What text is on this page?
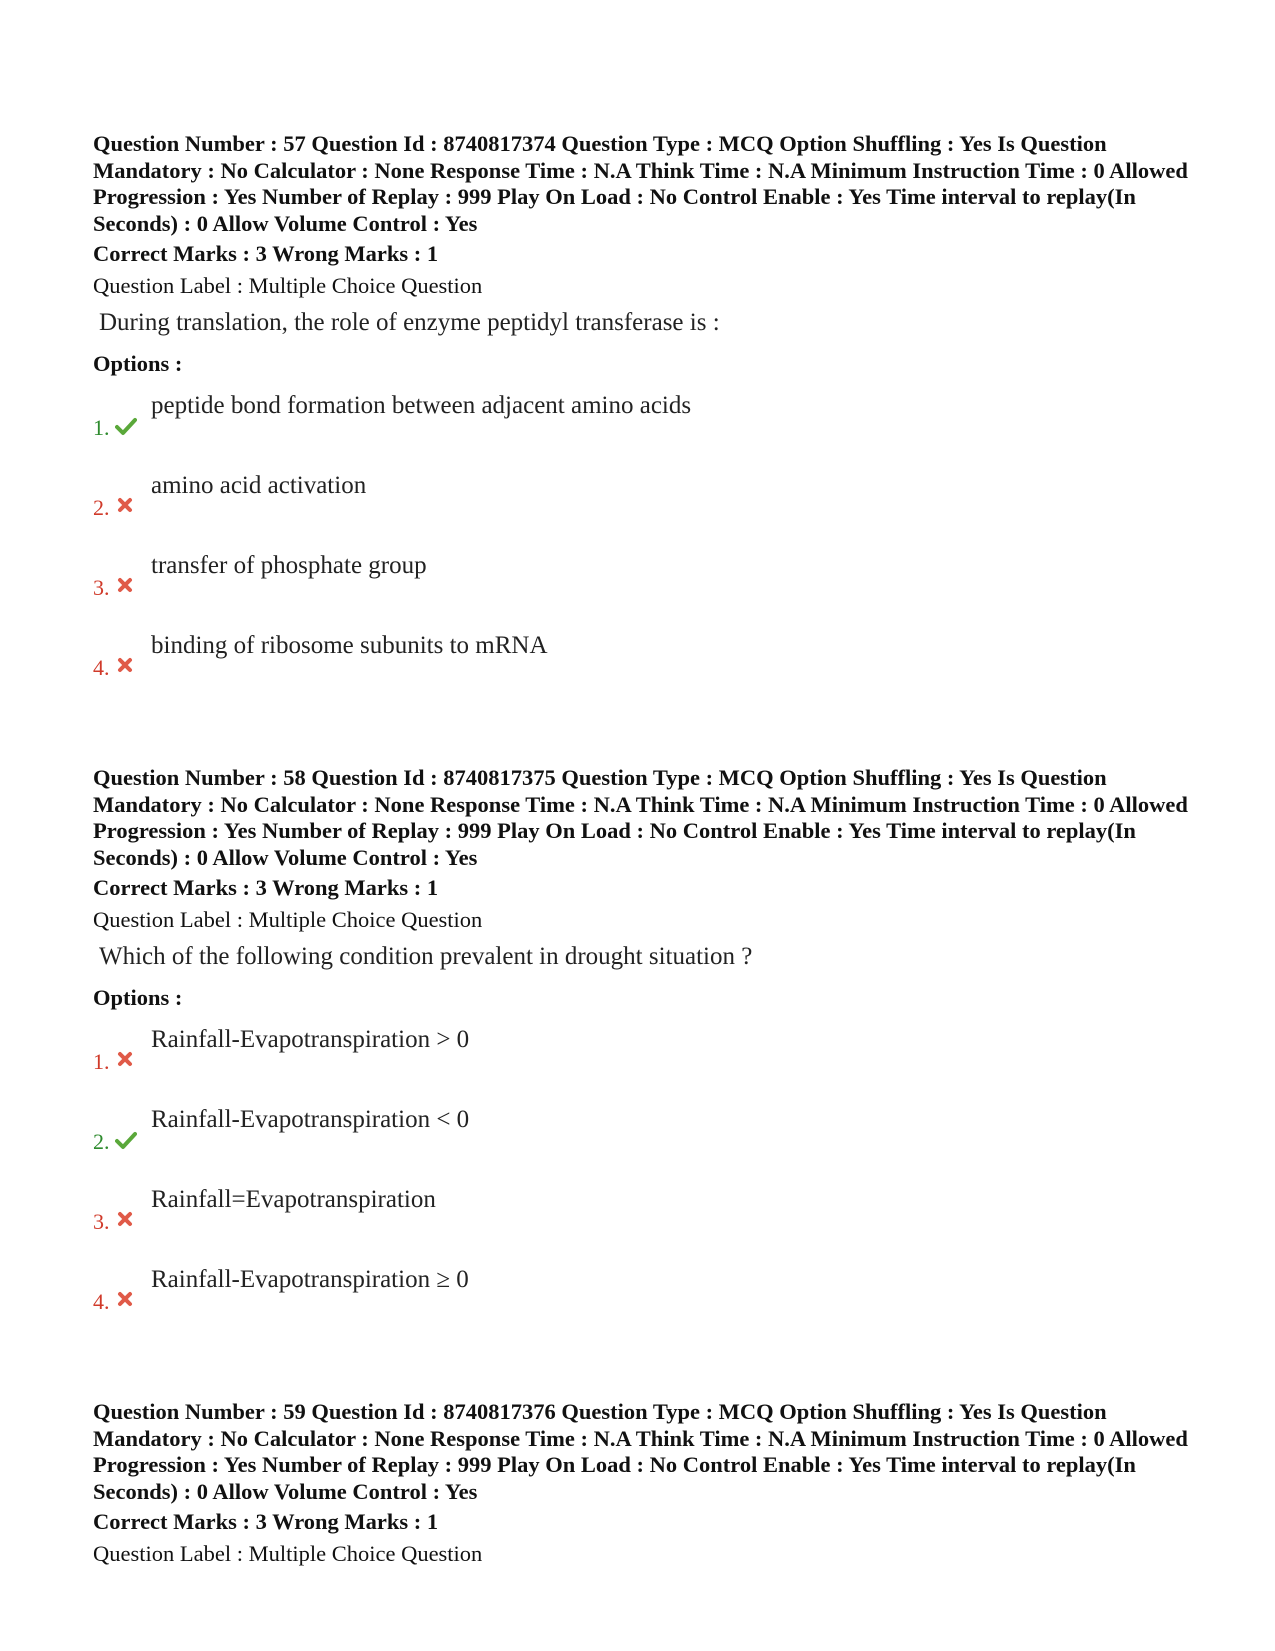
Question Number : 57 Question Id : 8740817374 Question Type : MCQ Option Shuffling : Yes Is Question Mandatory : No Calculator : None Response Time : N.A Think Time : N.A Minimum Instruction Time : 0 Allowed Progression : Yes Number of Replay : 999 Play On Load : No Control Enable : Yes Time interval to replay(In Seconds) : 0 Allow Volume Control : Yes
Correct Marks : 3 Wrong Marks : 1
Question Label : Multiple Choice Question
During translation, the role of enzyme peptidyl transferase is :
Options :
1.
peptide bond formation between adjacent amino acids
2.
amino acid activation
3.
transfer of phosphate group
4.
binding of ribosome subunits to mRNA
Question Number : 58 Question Id : 8740817375 Question Type : MCQ Option Shuffling : Yes Is Question Mandatory : No Calculator : None Response Time : N.A Think Time : N.A Minimum Instruction Time : 0 Allowed Progression : Yes Number of Replay : 999 Play On Load : No Control Enable : Yes Time interval to replay(In Seconds) : 0 Allow Volume Control : Yes
Correct Marks : 3 Wrong Marks : 1
Question Label : Multiple Choice Question
Which of the following condition prevalent in drought situation ?
Options :
1.
Rainfall-Evapotranspiration > 0
2.
Rainfall-Evapotranspiration < 0
3.
Rainfall=Evapotranspiration
4.
Rainfall-Evapotranspiration ≥ 0
Question Number : 59 Question Id : 8740817376 Question Type : MCQ Option Shuffling : Yes Is Question Mandatory : No Calculator : None Response Time : N.A Think Time : N.A Minimum Instruction Time : 0 Allowed Progression : Yes Number of Replay : 999 Play On Load : No Control Enable : Yes Time interval to replay(In Seconds) : 0 Allow Volume Control : Yes
Correct Marks : 3 Wrong Marks : 1
Question Label : Multiple Choice Question
